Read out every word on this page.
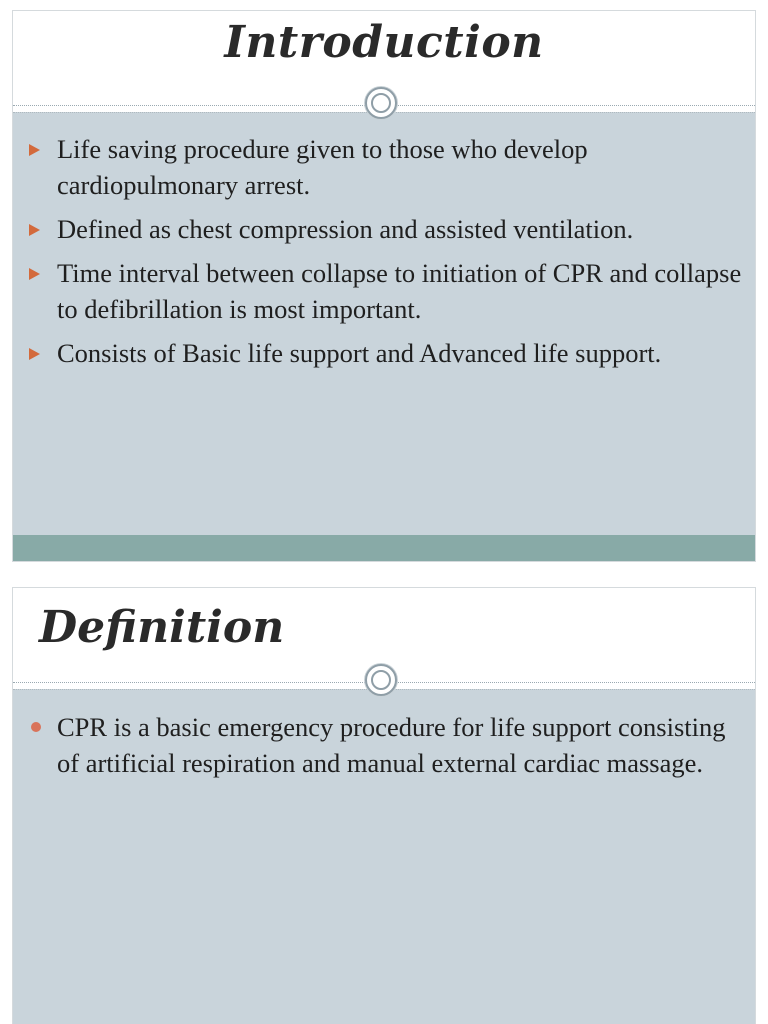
Introduction
Life saving procedure given to those who develop cardiopulmonary arrest.
Defined as chest compression and assisted ventilation.
Time interval between collapse to initiation of CPR and collapse to defibrillation is most important.
Consists of Basic life support and Advanced life support.
Definition
CPR is a basic emergency procedure for life support consisting of artificial respiration and manual external cardiac massage.
